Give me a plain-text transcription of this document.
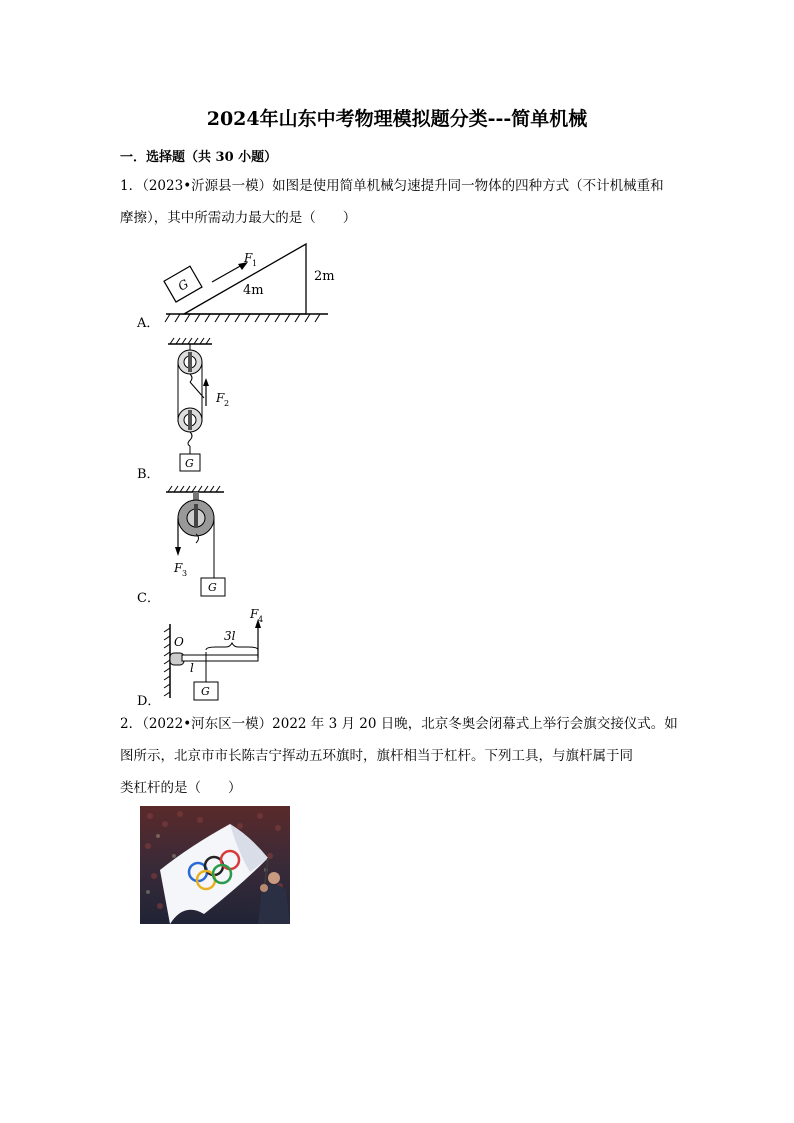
2024年山东中考物理模拟题分类---简单机械
一．选择题（共 30 小题）
1．（2023•沂源县一模）如图是使用简单机械匀速提升同一物体的四种方式（不计机械重和
摩擦），其中所需动力最大的是（　　）
A．
G
F 1
4m
2m
B．
F 2
G
C．
F 3
G
D．
O	3l
F 4
l
G
2．（2022•河东区一模）2022 年 3 月 20 日晚，北京冬奥会闭幕式上举行会旗交接仪式。如
图所示，北京市市长陈吉宁挥动五环旗时，旗杆相当于杠杆。下列工具，与旗杆属于同
类杠杆的是（　　）
